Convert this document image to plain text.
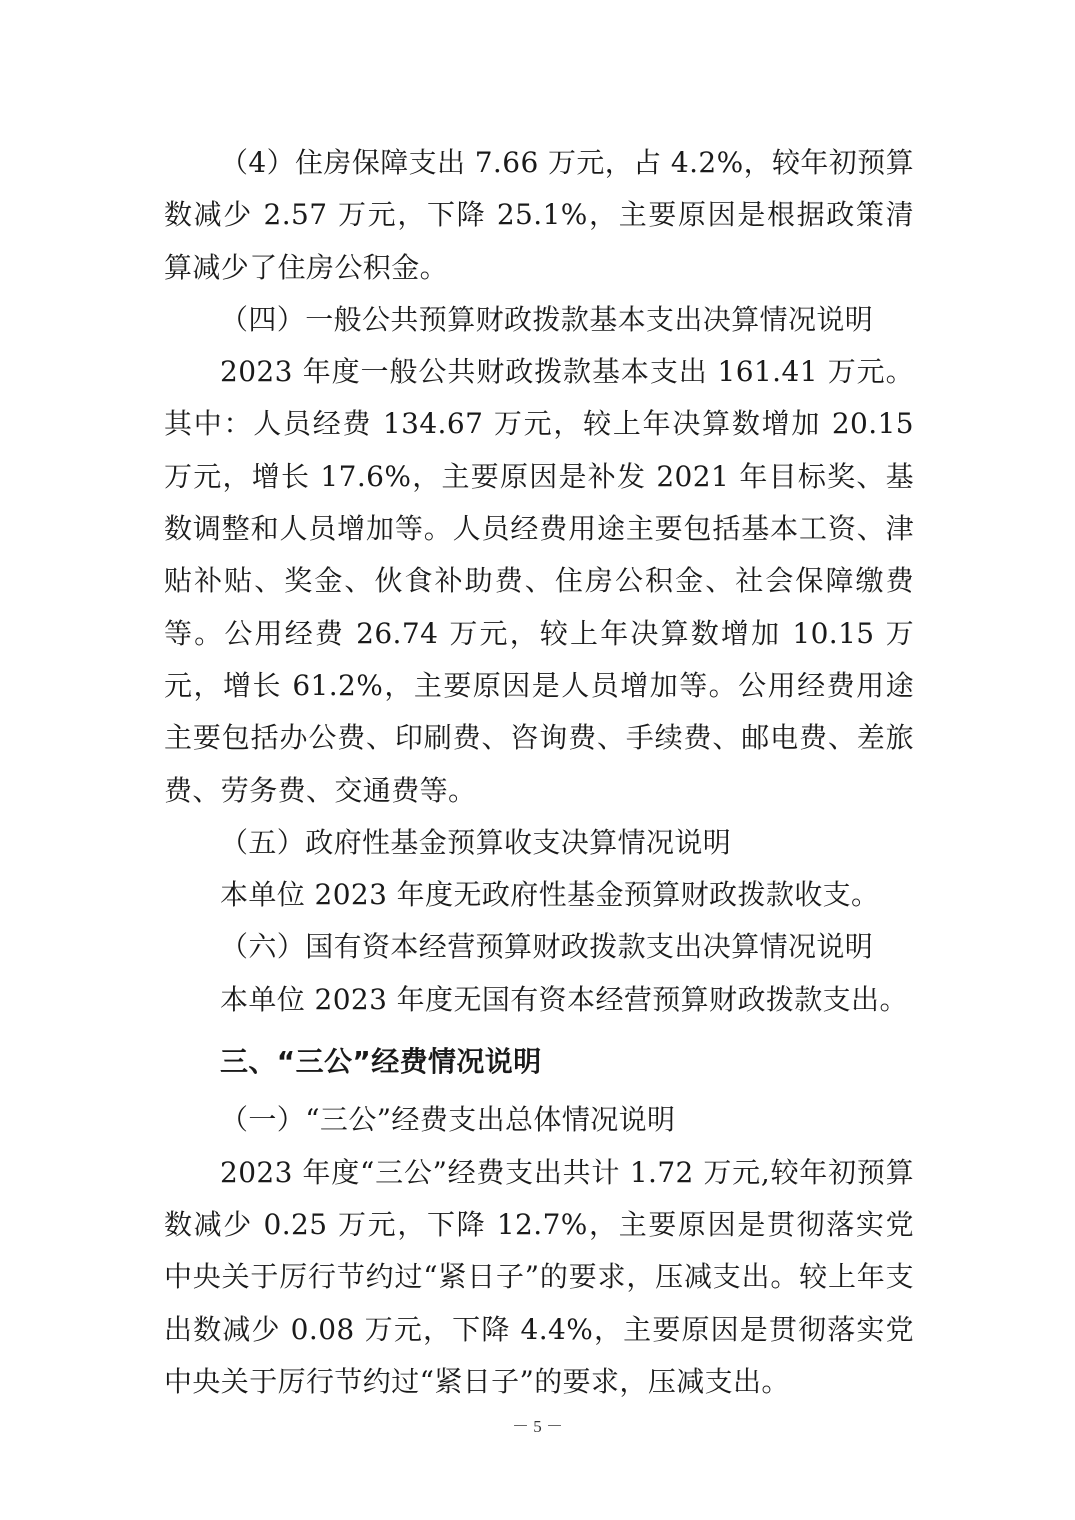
（4）住房保障支出 7.66 万元，占 4.2%，较年初预算数减少 2.57 万元，下降 25.1%，主要原因是根据政策清算减少了住房公积金。

（四）一般公共预算财政拨款基本支出决算情况说明

2023 年度一般公共财政拨款基本支出 161.41 万元。其中：人员经费 134.67 万元，较上年决算数增加 20.15 万元，增长 17.6%，主要原因是补发 2021 年目标奖、基数调整和人员增加等。人员经费用途主要包括基本工资、津贴补贴、奖金、伙食补助费、住房公积金、社会保障缴费等。公用经费 26.74 万元，较上年决算数增加 10.15 万元，增长 61.2%，主要原因是人员增加等。公用经费用途主要包括办公费、印刷费、咨询费、手续费、邮电费、差旅费、劳务费、交通费等。

（五）政府性基金预算收支决算情况说明

本单位 2023 年度无政府性基金预算财政拨款收支。

（六）国有资本经营预算财政拨款支出决算情况说明

本单位 2023 年度无国有资本经营预算财政拨款支出。

三、“三公”经费情况说明

（一）“三公”经费支出总体情况说明

2023 年度“三公”经费支出共计 1.72 万元,较年初预算数减少 0.25 万元，下降 12.7%，主要原因是贯彻落实党中央关于厉行节约过“紧日子”的要求，压减支出。较上年支出数减少 0.08 万元，下降 4.4%，主要原因是贯彻落实党中央关于厉行节约过“紧日子”的要求，压减支出。

－ 5 －
